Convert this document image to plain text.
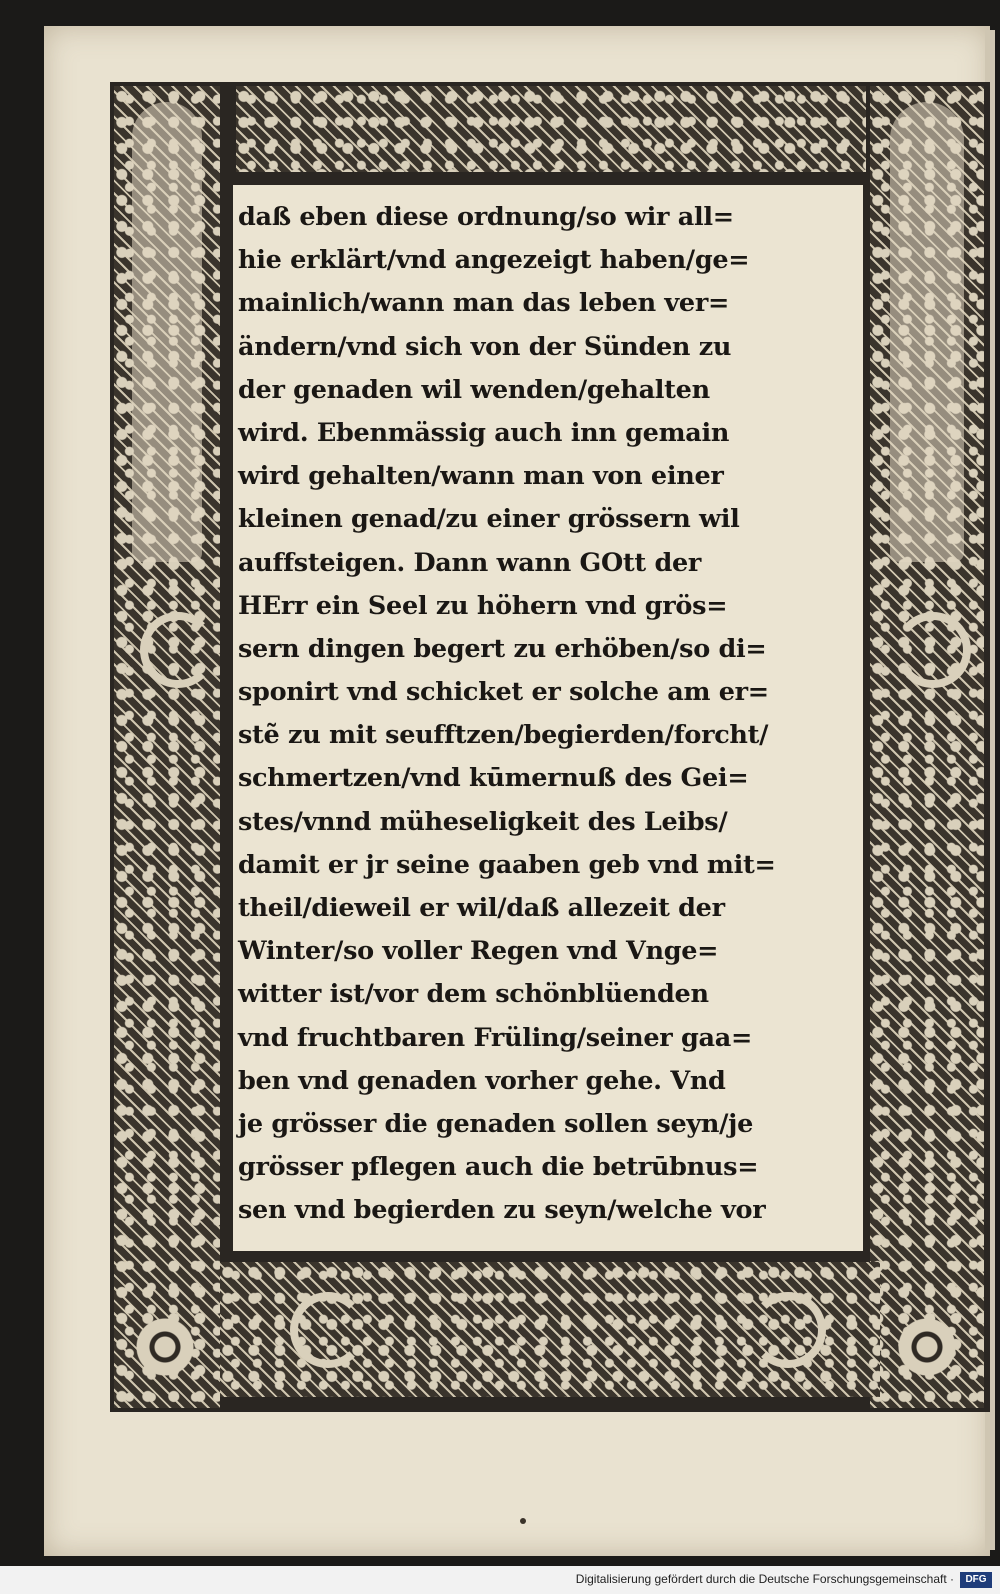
daß eben diese ordnung/so wir all=
hie erklärt/vnd angezeigt haben/ge=
mainlich/wann man das leben ver=
ändern/vnd sich von der Sünden zu
der genaden wil wenden/gehalten
wird. Ebenmässig auch inn gemain
wird gehalten/wann man von einer
kleinen genad/zu einer grössern wil
auffsteigen. Dann wann GOtt der
HErr ein Seel zu höhern vnd grös=
sern dingen begert zu erhöben/so di=
sponirt vnd schicket er solche am er=
stẽ zu mit seufftzen/begierden/forcht/
schmertzen/vnd kūmernuß des Gei=
stes/vnnd müheseligkeit des Leibs/
damit er jr seine gaaben geb vnd mit=
theil/dieweil er wil/daß allezeit der
Winter/so voller Regen vnd Vnge=
witter ist/vor dem schönblüenden
vnd fruchtbaren Früling/seiner gaa=
ben vnd genaden vorher gehe. Vnd
je grösser die genaden sollen seyn/je
grösser pflegen auch die betrūbnus=
sen vnd begierden zu seyn/welche vor
Digitalisierung gefördert durch die Deutsche Forschungsgemeinschaft ·	DFG
